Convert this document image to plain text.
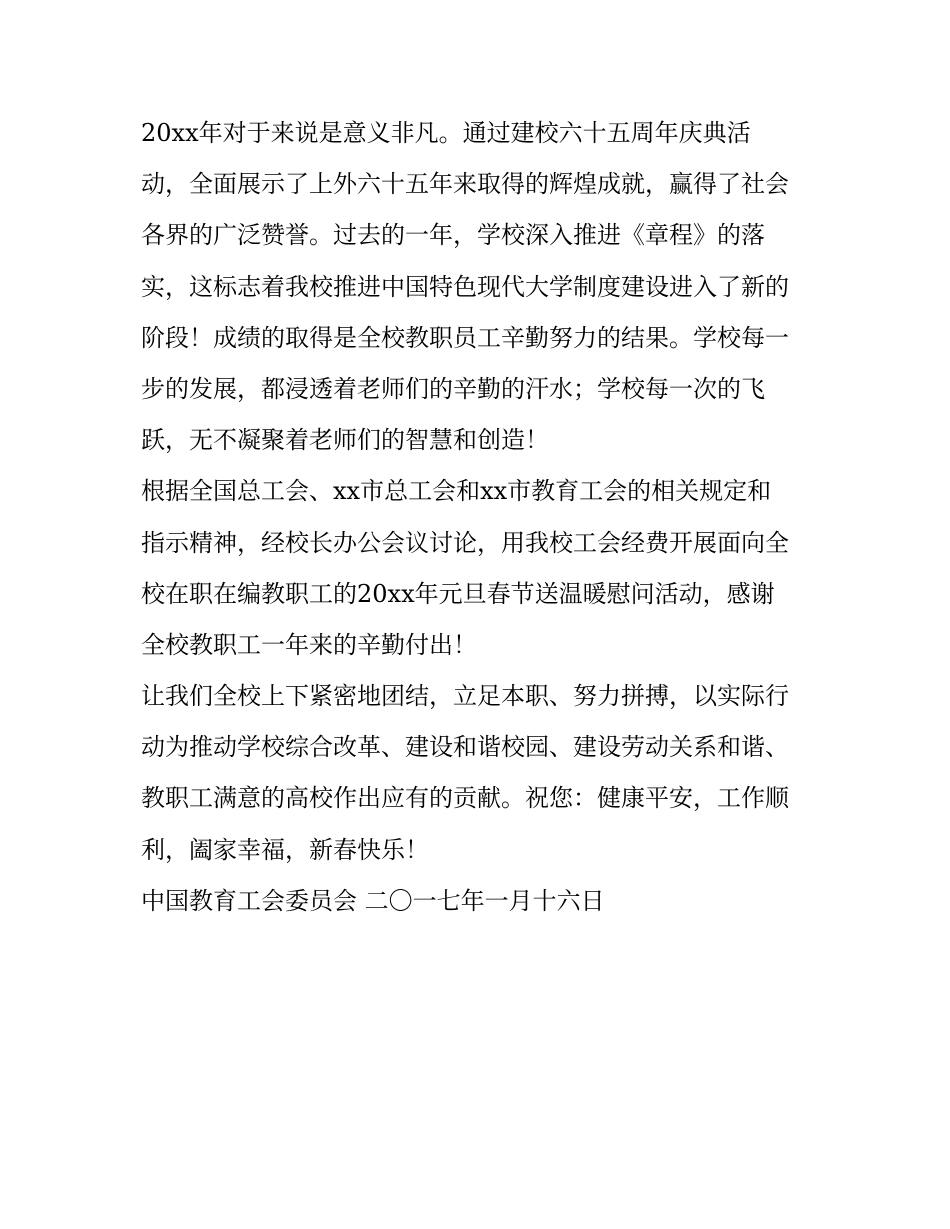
20xx年对于来说是意义非凡。通过建校六十五周年庆典活
动，全面展示了上外六十五年来取得的辉煌成就，赢得了社会
各界的广泛赞誉。过去的一年，学校深入推进《章程》的落
实，这标志着我校推进中国特色现代大学制度建设进入了新的
阶段！成绩的取得是全校教职员工辛勤努力的结果。学校每一
步的发展，都浸透着老师们的辛勤的汗水；学校每一次的飞
跃，无不凝聚着老师们的智慧和创造！
根据全国总工会、xx市总工会和xx市教育工会的相关规定和
指示精神，经校长办公会议讨论，用我校工会经费开展面向全
校在职在编教职工的20xx年元旦春节送温暖慰问活动，感谢
全校教职工一年来的辛勤付出！
让我们全校上下紧密地团结，立足本职、努力拼搏，以实际行
动为推动学校综合改革、建设和谐校园、建设劳动关系和谐、
教职工满意的高校作出应有的贡献。祝您：健康平安，工作顺
利，阖家幸福，新春快乐！
中国教育工会委员会 二〇一七年一月十六日
